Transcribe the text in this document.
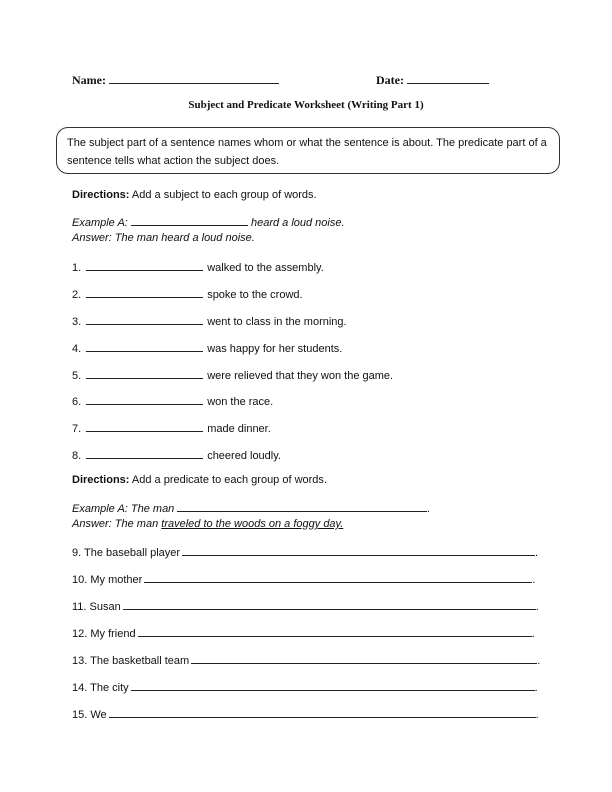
Name:	Date:
Subject and Predicate Worksheet (Writing Part 1)
The subject part of a sentence names whom or what the sentence is about. The predicate part of a
sentence tells what action the subject does.
Directions: Add a subject to each group of words.
Example A:	heard a loud noise.
Answer: The man heard a loud noise.
1.	walked to the assembly.
2.	spoke to the crowd.
3.	went to class in the morning.
4.	was happy for her students.
5.	were relieved that they won the game.
6.	won the race.
7.	made dinner.
8.	cheered loudly.
Directions: Add a predicate to each group of words.
Example A: The man	.
Answer: The man traveled to the woods on a foggy day.
9. The baseball player	.
10. My mother	.
11. Susan	.
12. My friend	.
13. The basketball team	.
14. The city	.
15. We	.
